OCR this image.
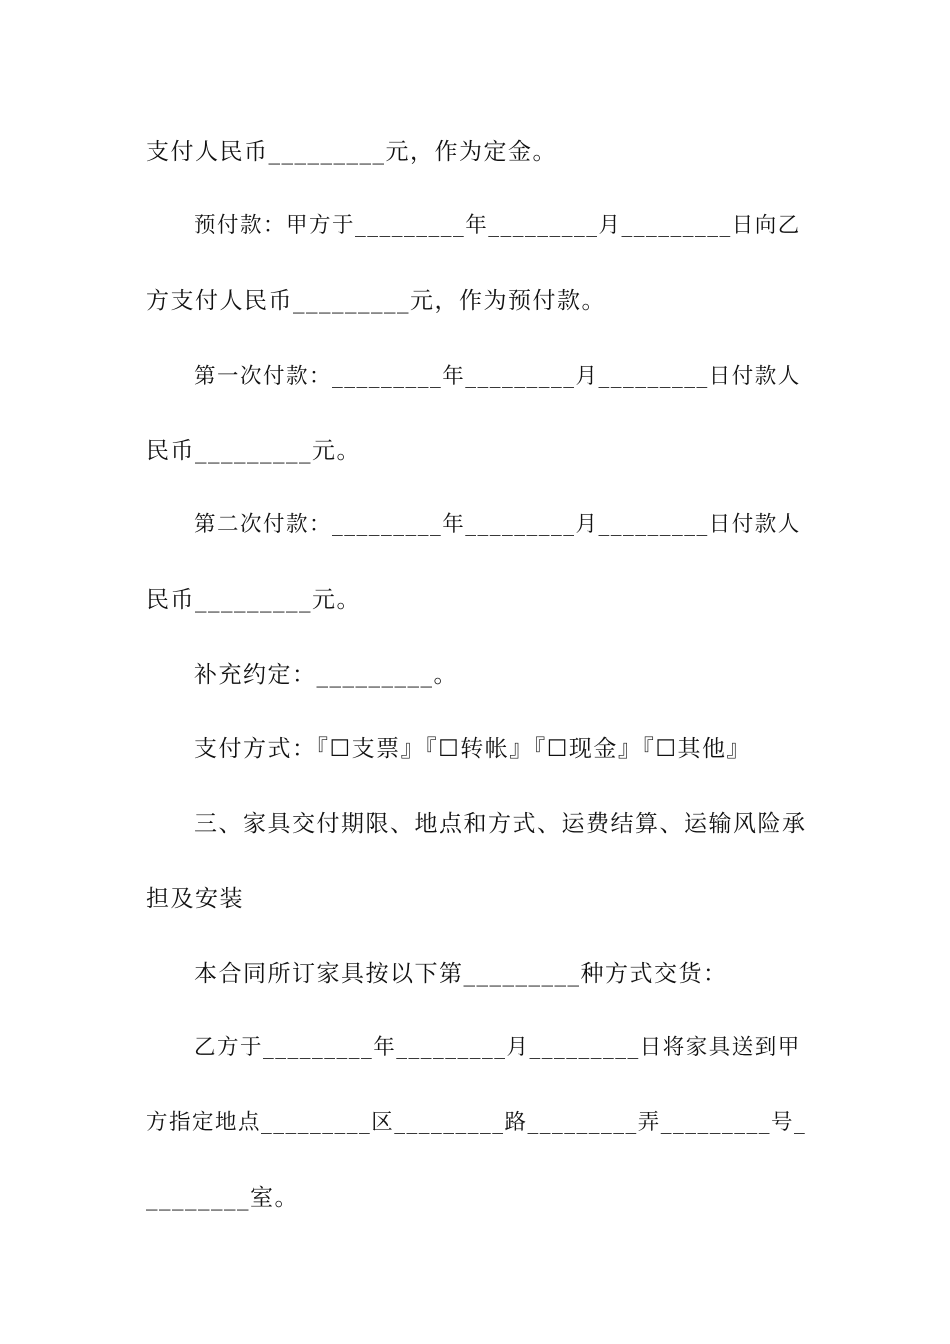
支付人民币_________元，作为定金。
预付款：甲方于_________年_________月_________日向乙
方支付人民币_________元，作为预付款。
第一次付款：_________年_________月_________日付款人
民币_________元。
第二次付款：_________年_________月_________日付款人
民币_________元。
补充约定：_________。
支付方式：『☐支票』『☐转帐』『☐现金』『☐其他』
三、家具交付期限、地点和方式、运费结算、运输风险承
担及安装
本合同所订家具按以下第_________种方式交货：
乙方于_________年_________月_________日将家具送到甲
方指定地点_________区_________路_________弄_________号_
________室。
